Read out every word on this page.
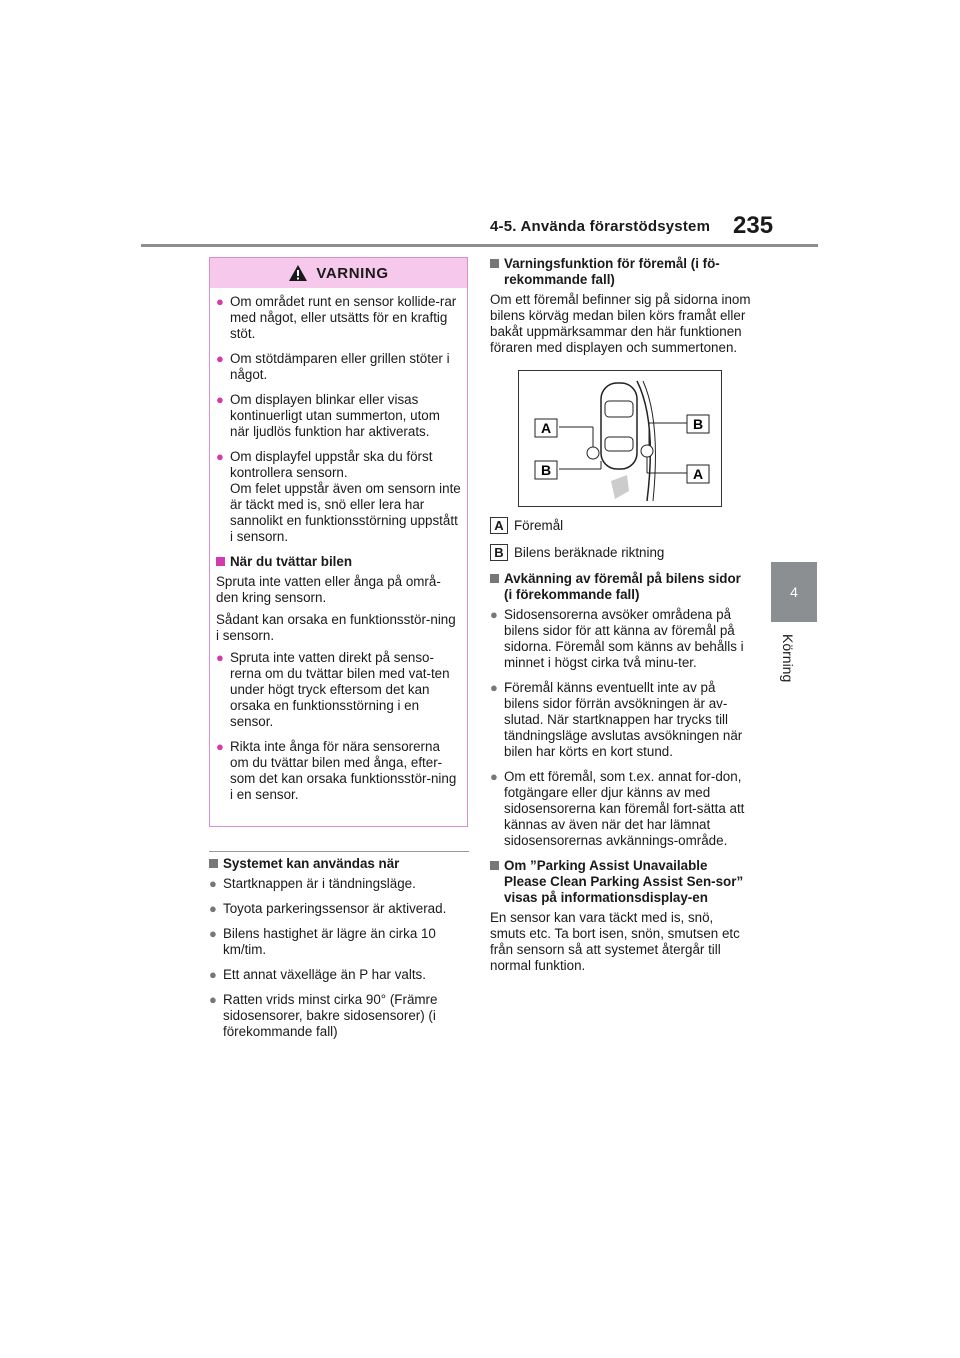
4-5. Använda förarstödsystem 235
4
Körning
VARNING
● Om området runt en sensor kollide-rar med något, eller utsätts för en kraftig stöt.
● Om stötdämparen eller grillen stöter i något.
● Om displayen blinkar eller visas kontinuerligt utan summerton, utom när ljudlös funktion har aktiverats.
● Om displayfel uppstår ska du först kontrollera sensorn.
Om felet uppstår även om sensorn inte är täckt med is, snö eller lera har sannolikt en funktionsstörning uppstått i sensorn.
När du tvättar bilen

Spruta inte vatten eller ånga på områ-den kring sensorn.

Sådant kan orsaka en funktionsstör-ning i sensorn.

● Spruta inte vatten direkt på senso-rerna om du tvättar bilen med vat-ten under högt tryck eftersom det kan orsaka en funktionsstörning i en sensor.
● Rikta inte ånga för nära sensorerna om du tvättar bilen med ånga, efter-som det kan orsaka funktionsstör-ning i en sensor.
Systemet kan användas när
● Startknappen är i tändningsläge.
● Toyota parkeringssensor är aktiverad.
● Bilens hastighet är lägre än cirka 10 km/tim.
● Ett annat växelläge än P har valts.
● Ratten vrids minst cirka 90° (Främre sidosensorer, bakre sidosensorer) (i förekommande fall)
Varningsfunktion för föremål (i fö-rekommande fall)

Om ett föremål befinner sig på sidorna inom bilens körväg medan bilen körs framåt eller bakåt uppmärksammar den här funktionen föraren med displayen och summertonen.

A
B
B
A
A Föremål
B Bilens beräknade riktning
Avkänning av föremål på bilens sidor (i förekommande fall)
● Sidosensorerna avsöker områdena på bilens sidor för att känna av föremål på sidorna. Föremål som känns av behålls i minnet i högst cirka två minu-ter.
● Föremål känns eventuellt inte av på bilens sidor förrän avsökningen är av-slutad. När startknappen har trycks till tändningsläge avslutas avsökningen när bilen har körts en kort stund.
● Om ett föremål, som t.ex. annat for-don, fotgängare eller djur känns av med sidosensorerna kan föremål fort-sätta att kännas av även när det har lämnat sidosensorernas avkännings-område.
Om ”Parking Assist Unavailable Please Clean Parking Assist Sen-sor” visas på informationsdisplay-en

En sensor kan vara täckt med is, snö, smuts etc. Ta bort isen, snön, smutsen etc från sensorn så att systemet återgår till normal funktion.
